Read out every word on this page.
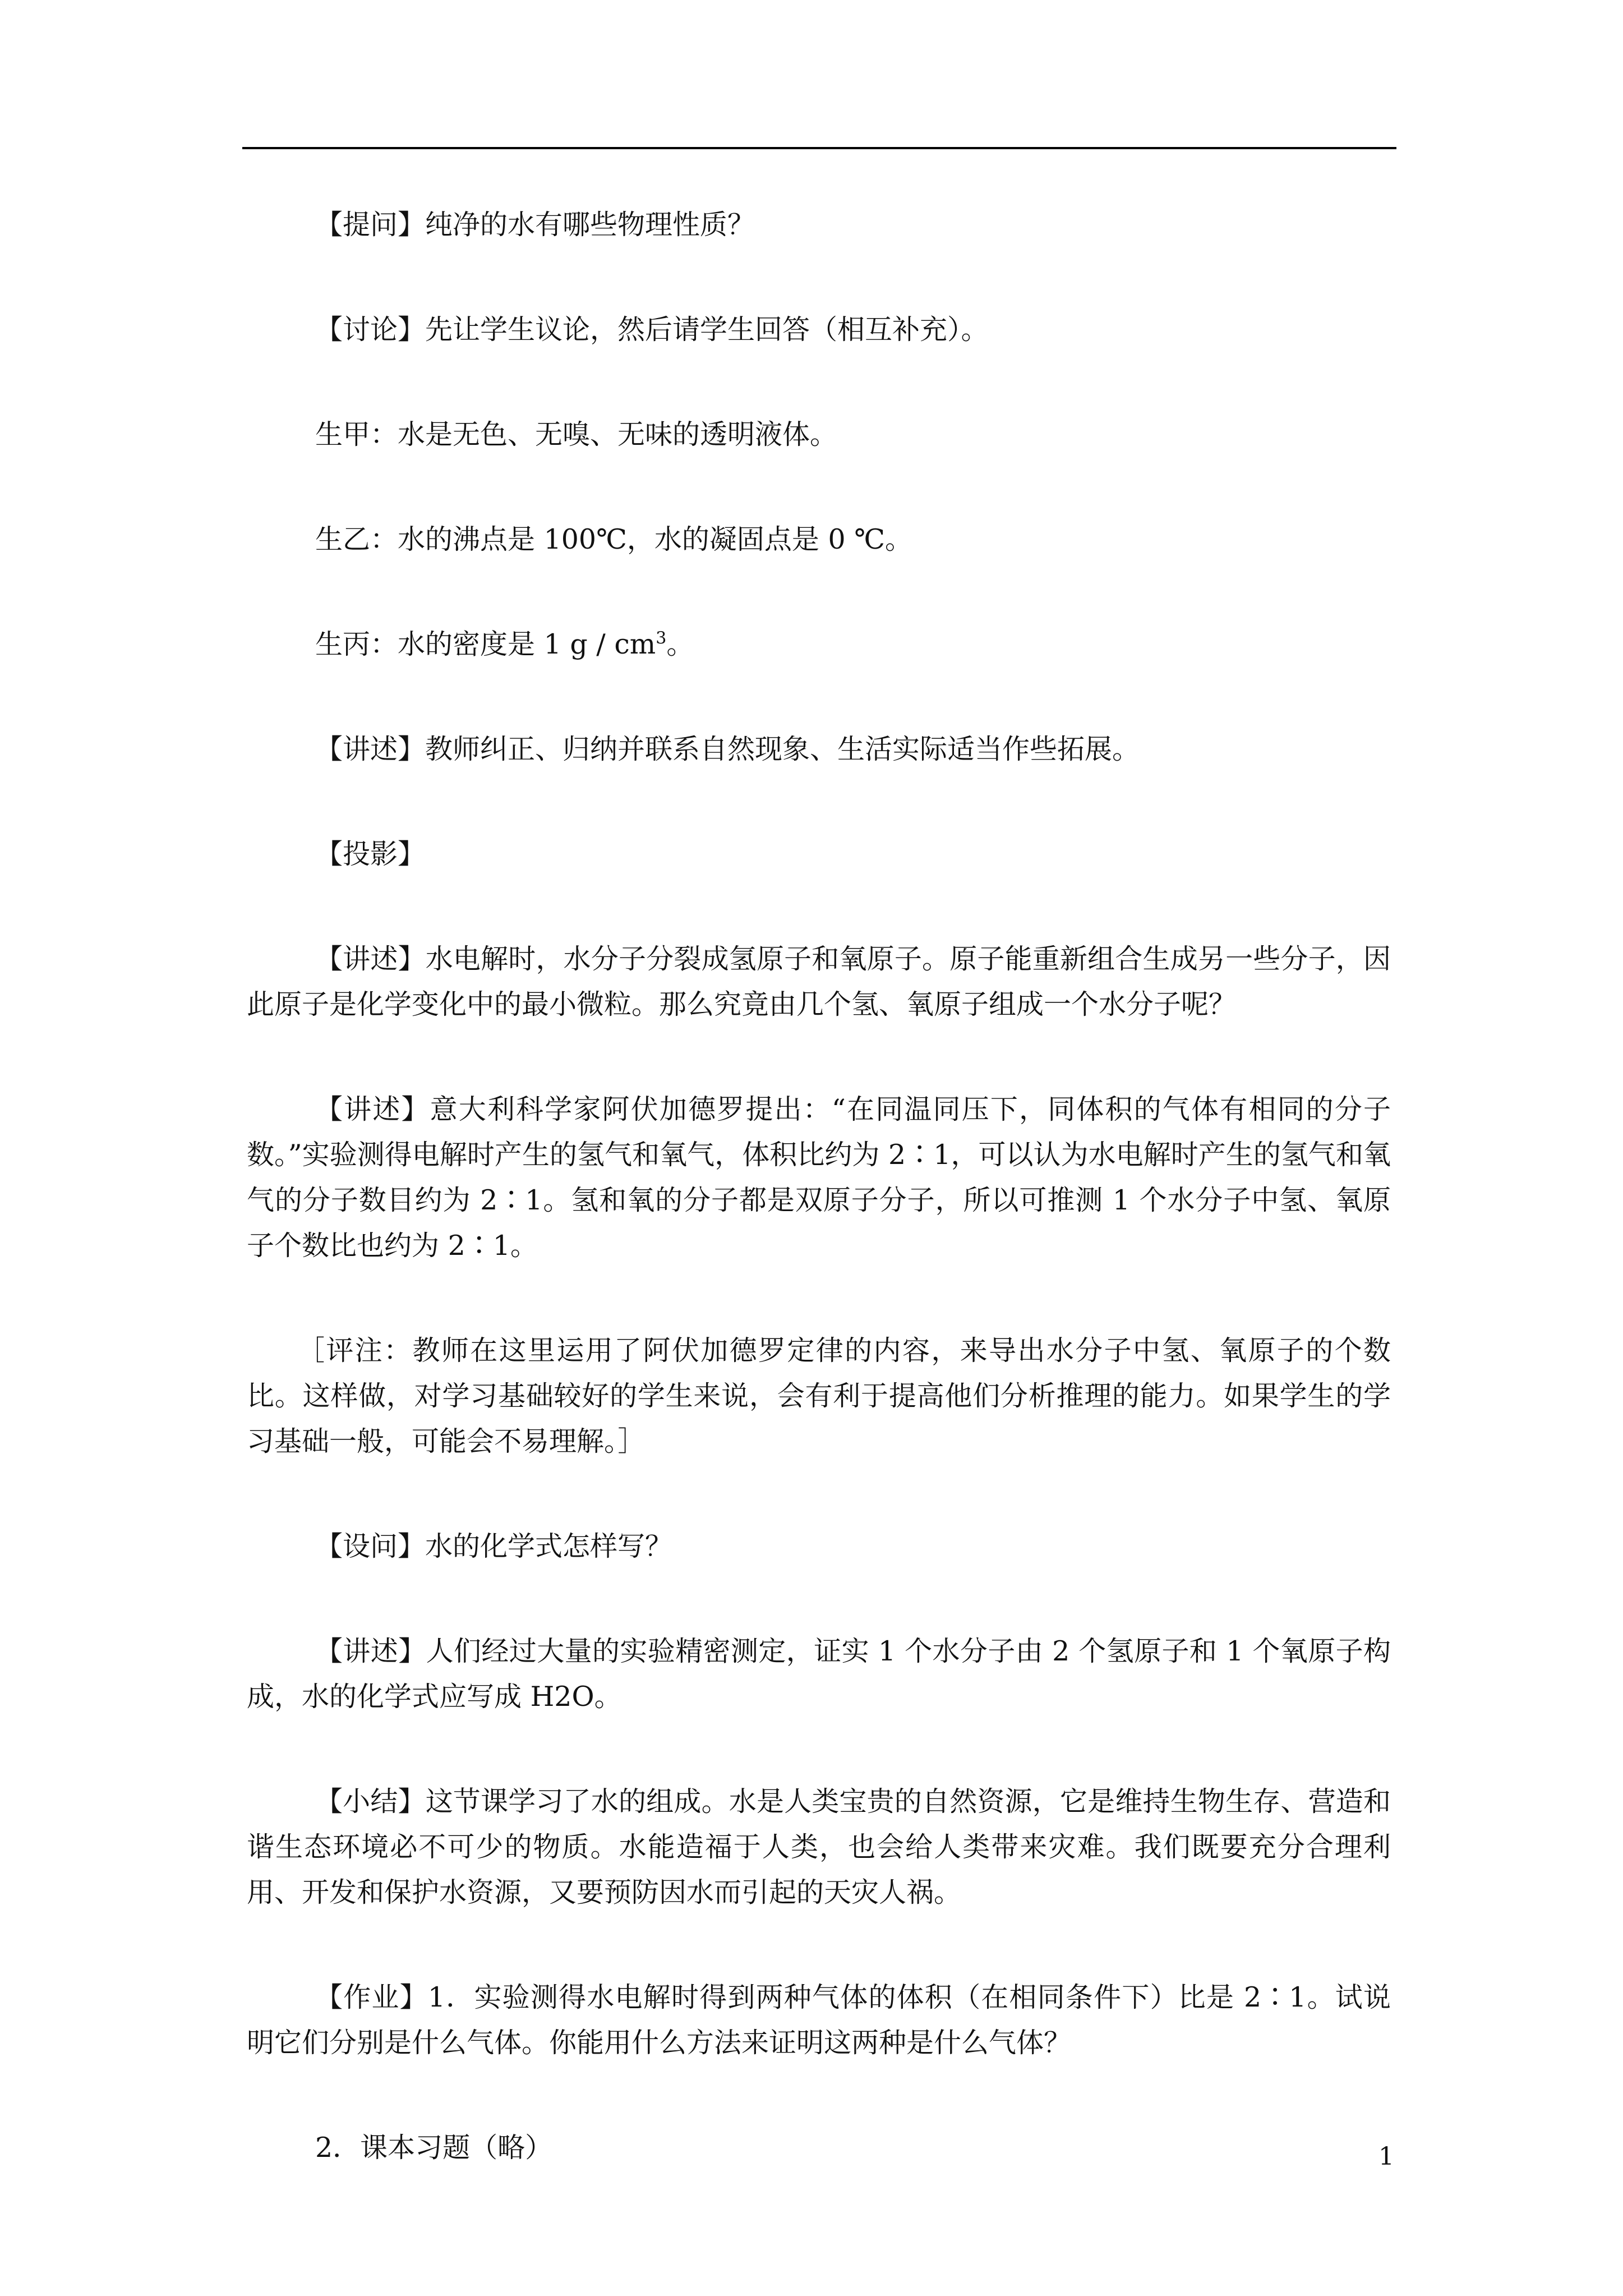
【提问】纯净的水有哪些物理性质？

【讨论】先让学生议论，然后请学生回答（相互补充）。

生甲：水是无色、无嗅、无味的透明液体。

生乙：水的沸点是 100℃，水的凝固点是 0 ℃。

生丙：水的密度是 1 g / $cm^3$。

【讲述】教师纠正、归纳并联系自然现象、生活实际适当作些拓展。

【投影】

【讲述】水电解时，水分子分裂成氢原子和氧原子。原子能重新组合生成另一些分子，因此原子是化学变化中的最小微粒。那么究竟由几个氢、氧原子组成一个水分子呢？

【讲述】意大利科学家阿伏加德罗提出：“在同温同压下，同体积的气体有相同的分子数。”实验测得电解时产生的氢气和氧气，体积比约为 2∶1，可以认为水电解时产生的氢气和氧气的分子数目约为 2∶1。氢和氧的分子都是双原子分子，所以可推测 1 个水分子中氢、氧原子个数比也约为 2∶1。

［评注：教师在这里运用了阿伏加德罗定律的内容，来导出水分子中氢、氧原子的个数比。这样做，对学习基础较好的学生来说，会有利于提高他们分析推理的能力。如果学生的学习基础一般，可能会不易理解。］

【设问】水的化学式怎样写？

【讲述】人们经过大量的实验精密测定，证实 1 个水分子由 2 个氢原子和 1 个氧原子构成，水的化学式应写成 H2O。

【小结】这节课学习了水的组成。水是人类宝贵的自然资源，它是维持生物生存、营造和谐生态环境必不可少的物质。水能造福于人类，也会给人类带来灾难。我们既要充分合理利用、开发和保护水资源，又要预防因水而引起的天灾人祸。

【作业】1．实验测得水电解时得到两种气体的体积（在相同条件下）比是 2∶1。试说明它们分别是什么气体。你能用什么方法来证明这两种是什么气体？

2．课本习题（略）	1
